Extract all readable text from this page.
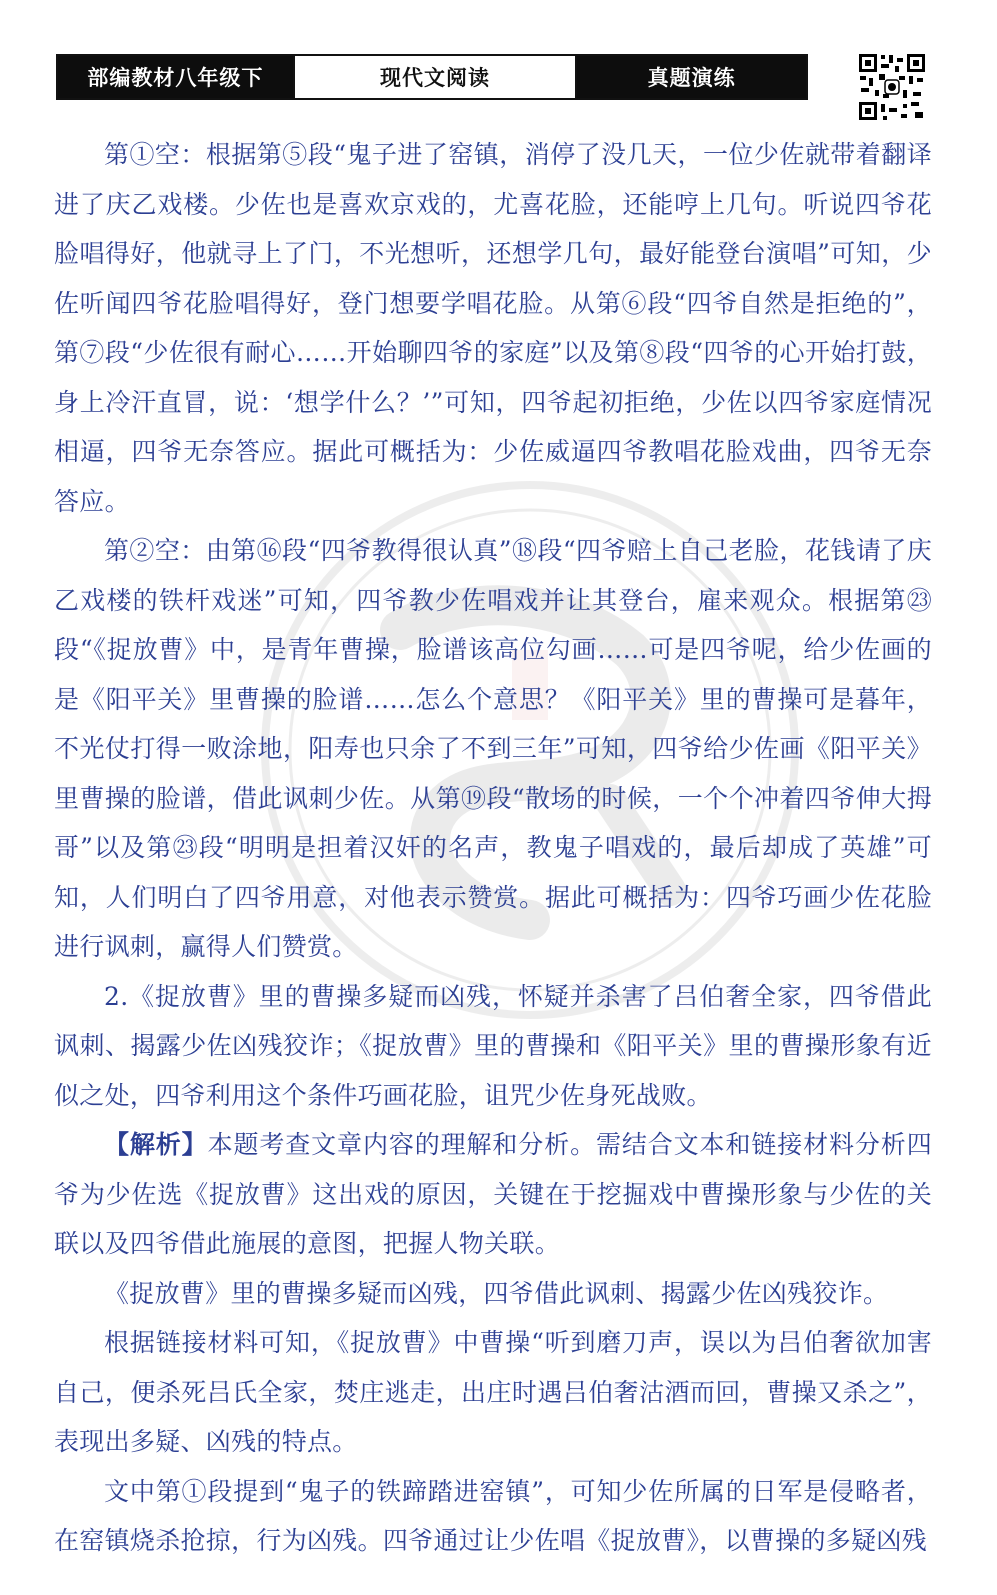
部编教材八年级下	现代文阅读	真题演练

第①空：根据第⑤段“鬼子进了窑镇，消停了没几天，一位少佐就带着翻译进了庆乙戏楼。少佐也是喜欢京戏的，尤喜花脸，还能哼上几句。听说四爷花脸唱得好，他就寻上了门，不光想听，还想学几句，最好能登台演唱”可知，少佐听闻四爷花脸唱得好，登门想要学唱花脸。从第⑥段“四爷自然是拒绝的”，第⑦段“少佐很有耐心……开始聊四爷的家庭”以及第⑧段“四爷的心开始打鼓，身上冷汗直冒，说：‘想学什么？’”可知，四爷起初拒绝，少佐以四爷家庭情况相逼，四爷无奈答应。据此可概括为：少佐威逼四爷教唱花脸戏曲，四爷无奈答应。

第②空：由第⑯段“四爷教得很认真”⑱段“四爷赔上自己老脸，花钱请了庆乙戏楼的铁杆戏迷”可知，四爷教少佐唱戏并让其登台，雇来观众。根据第㉓段“《捉放曹》中，是青年曹操，脸谱该高位勾画……可是四爷呢，给少佐画的是《阳平关》里曹操的脸谱……怎么个意思？《阳平关》里的曹操可是暮年，不光仗打得一败涂地，阳寿也只余了不到三年”可知，四爷给少佐画《阳平关》里曹操的脸谱，借此讽刺少佐。从第⑲段“散场的时候，一个个冲着四爷伸大拇哥”以及第㉓段“明明是担着汉奸的名声，教鬼子唱戏的，最后却成了英雄”可知，人们明白了四爷用意，对他表示赞赏。据此可概括为：四爷巧画少佐花脸进行讽刺，赢得人们赞赏。

2.《捉放曹》里的曹操多疑而凶残，怀疑并杀害了吕伯奢全家，四爷借此讽刺、揭露少佐凶残狡诈；《捉放曹》里的曹操和《阳平关》里的曹操形象有近似之处，四爷利用这个条件巧画花脸，诅咒少佐身死战败。

【解析】本题考查文章内容的理解和分析。需结合文本和链接材料分析四爷为少佐选《捉放曹》这出戏的原因，关键在于挖掘戏中曹操形象与少佐的关联以及四爷借此施展的意图，把握人物关联。

《捉放曹》里的曹操多疑而凶残，四爷借此讽刺、揭露少佐凶残狡诈。

根据链接材料可知，《捉放曹》中曹操“听到磨刀声，误以为吕伯奢欲加害自己，便杀死吕氏全家，焚庄逃走，出庄时遇吕伯奢沽酒而回，曹操又杀之”，表现出多疑、凶残的特点。

文中第①段提到“鬼子的铁蹄踏进窑镇”，可知少佐所属的日军是侵略者，在窑镇烧杀抢掠，行为凶残。四爷通过让少佐唱《捉放曹》，以曹操的多疑凶残
